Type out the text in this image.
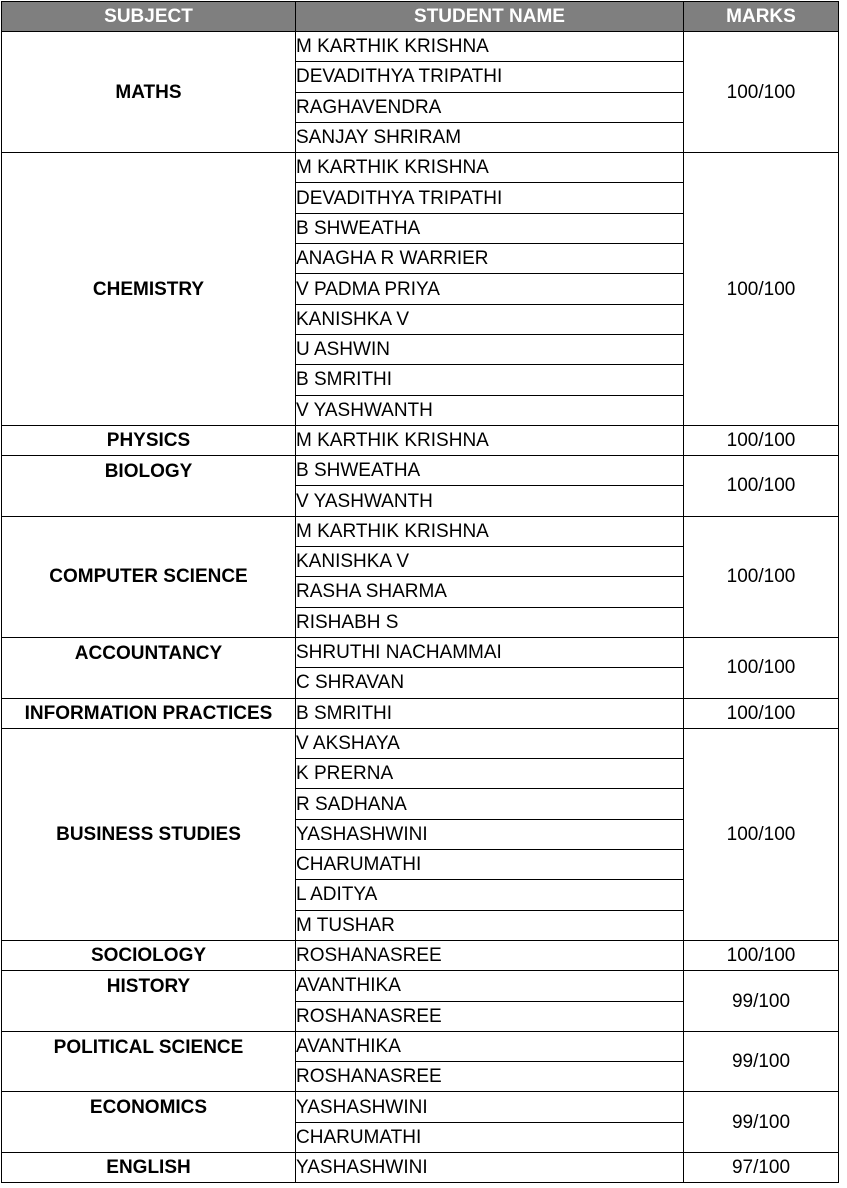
SUBJECT	STUDENT NAME	MARKS
MATHS	M KARTHIK KRISHNA	100/100
	DEVADITHYA TRIPATHI	
	RAGHAVENDRA	
	SANJAY SHRIRAM	
CHEMISTRY	M KARTHIK KRISHNA	100/100
	DEVADITHYA TRIPATHI	
	B SHWEATHA	
	ANAGHA R WARRIER	
	V PADMA PRIYA	
	KANISHKA V	
	U ASHWIN	
	B SMRITHI	
	V YASHWANTH	
PHYSICS	M KARTHIK KRISHNA	100/100
BIOLOGY	B SHWEATHA	100/100
	V YASHWANTH	
COMPUTER SCIENCE	M KARTHIK KRISHNA	100/100
	KANISHKA V	
	RASHA SHARMA	
	RISHABH S	
ACCOUNTANCY	SHRUTHI NACHAMMAI	100/100
	C SHRAVAN	
INFORMATION PRACTICES	B SMRITHI	100/100
BUSINESS STUDIES	V AKSHAYA	100/100
	K PRERNA	
	R SADHANA	
	YASHASHWINI	
	CHARUMATHI	
	L ADITYA	
	M TUSHAR	
SOCIOLOGY	ROSHANASREE	100/100
HISTORY	AVANTHIKA	99/100
	ROSHANASREE	
POLITICAL SCIENCE	AVANTHIKA	99/100
	ROSHANASREE	
ECONOMICS	YASHASHWINI	99/100
	CHARUMATHI	
ENGLISH	YASHASHWINI	97/100
